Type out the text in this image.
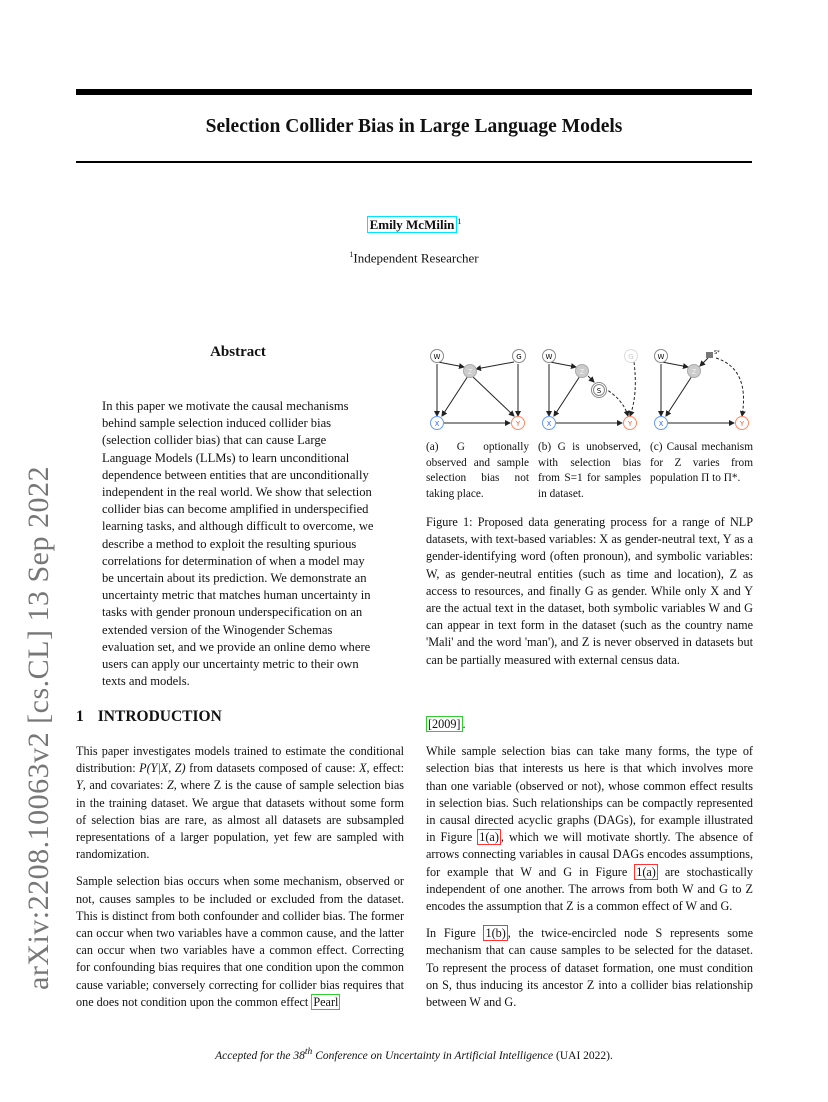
Selection Collider Bias in Large Language Models
Emily McMilin $^1$
$^1$Independent Researcher
arXiv:2208.10063v2 [cs.CL] 13 Sep 2022
Abstract
In this paper we motivate the causal mechanisms behind sample selection induced collider bias (selection collider bias) that can cause Large Language Models (LLMs) to learn unconditional dependence between entities that are unconditionally independent in the real world. We show that selection collider bias can become amplified in underspecified learning tasks, and although difficult to overcome, we describe a method to exploit the resulting spurious correlations for determination of when a model may be uncertain about its prediction. We demonstrate an uncertainty metric that matches human uncertainty in tasks with gender pronoun underspecification on an extended version of the Winogender Schemas evaluation set, and we provide an online demo where users can apply our uncertainty metric to their own texts and models.
1 INTRODUCTION

This paper investigates models trained to estimate the conditional distribution: P(Y|X, Z) from datasets composed of cause: X, effect: Y, and covariates: Z, where Z is the cause of sample selection bias in the training dataset. We argue that datasets without some form of selection bias are rare, as almost all datasets are subsampled representations of a larger population, yet few are sampled with randomization.

Sample selection bias occurs when some mechanism, observed or not, causes samples to be included or excluded from the dataset. This is distinct from both confounder and collider bias. The former can occur when two variables have a common cause, and the latter can occur when two variables have a common effect. Correcting for confounding bias requires that one condition upon the common cause variable; conversely correcting for collider bias requires that one does not condition upon the common effect Pearl

W	G
Z
X	Y
W	G
Z
S
X	Y
W	S*
Z
X	Y
(a) G optionally observed and sample selection bias not taking place.
(b) G is unobserved, with selection bias from S=1 for samples in dataset.
(c) Causal mechanism for Z varies from population Π to Π*.
Figure 1: Proposed data generating process for a range of NLP datasets, with text-based variables: X as gender-neutral text, Y as a gender-identifying word (often pronoun), and symbolic variables: W, as gender-neutral entities (such as time and location), Z as access to resources, and finally G as gender. While only X and Y are the actual text in the dataset, both symbolic variables W and G can appear in text form in the dataset (such as the country name 'Mali' and the word 'man'), and Z is never observed in datasets but can be partially measured with external census data.

[2009] .

While sample selection bias can take many forms, the type of selection bias that interests us here is that which involves more than one variable (observed or not), whose common effect results in selection bias. Such relationships can be compactly represented in causal directed acyclic graphs (DAGs), for example illustrated in Figure 1(a) , which we will motivate shortly. The absence of arrows connecting variables in causal DAGs encodes assumptions, for example that W and G in Figure 1(a) are stochastically independent of one another. The arrows from both W and G to Z encodes the assumption that Z is a common effect of W and G.

In Figure 1(b) , the twice-encircled node S represents some mechanism that can cause samples to be selected for the dataset. To represent the process of dataset formation, one must condition on S, thus inducing its ancestor Z into a collider bias relationship between W and G.

Accepted for the 38th Conference on Uncertainty in Artificial Intelligence (UAI 2022).
